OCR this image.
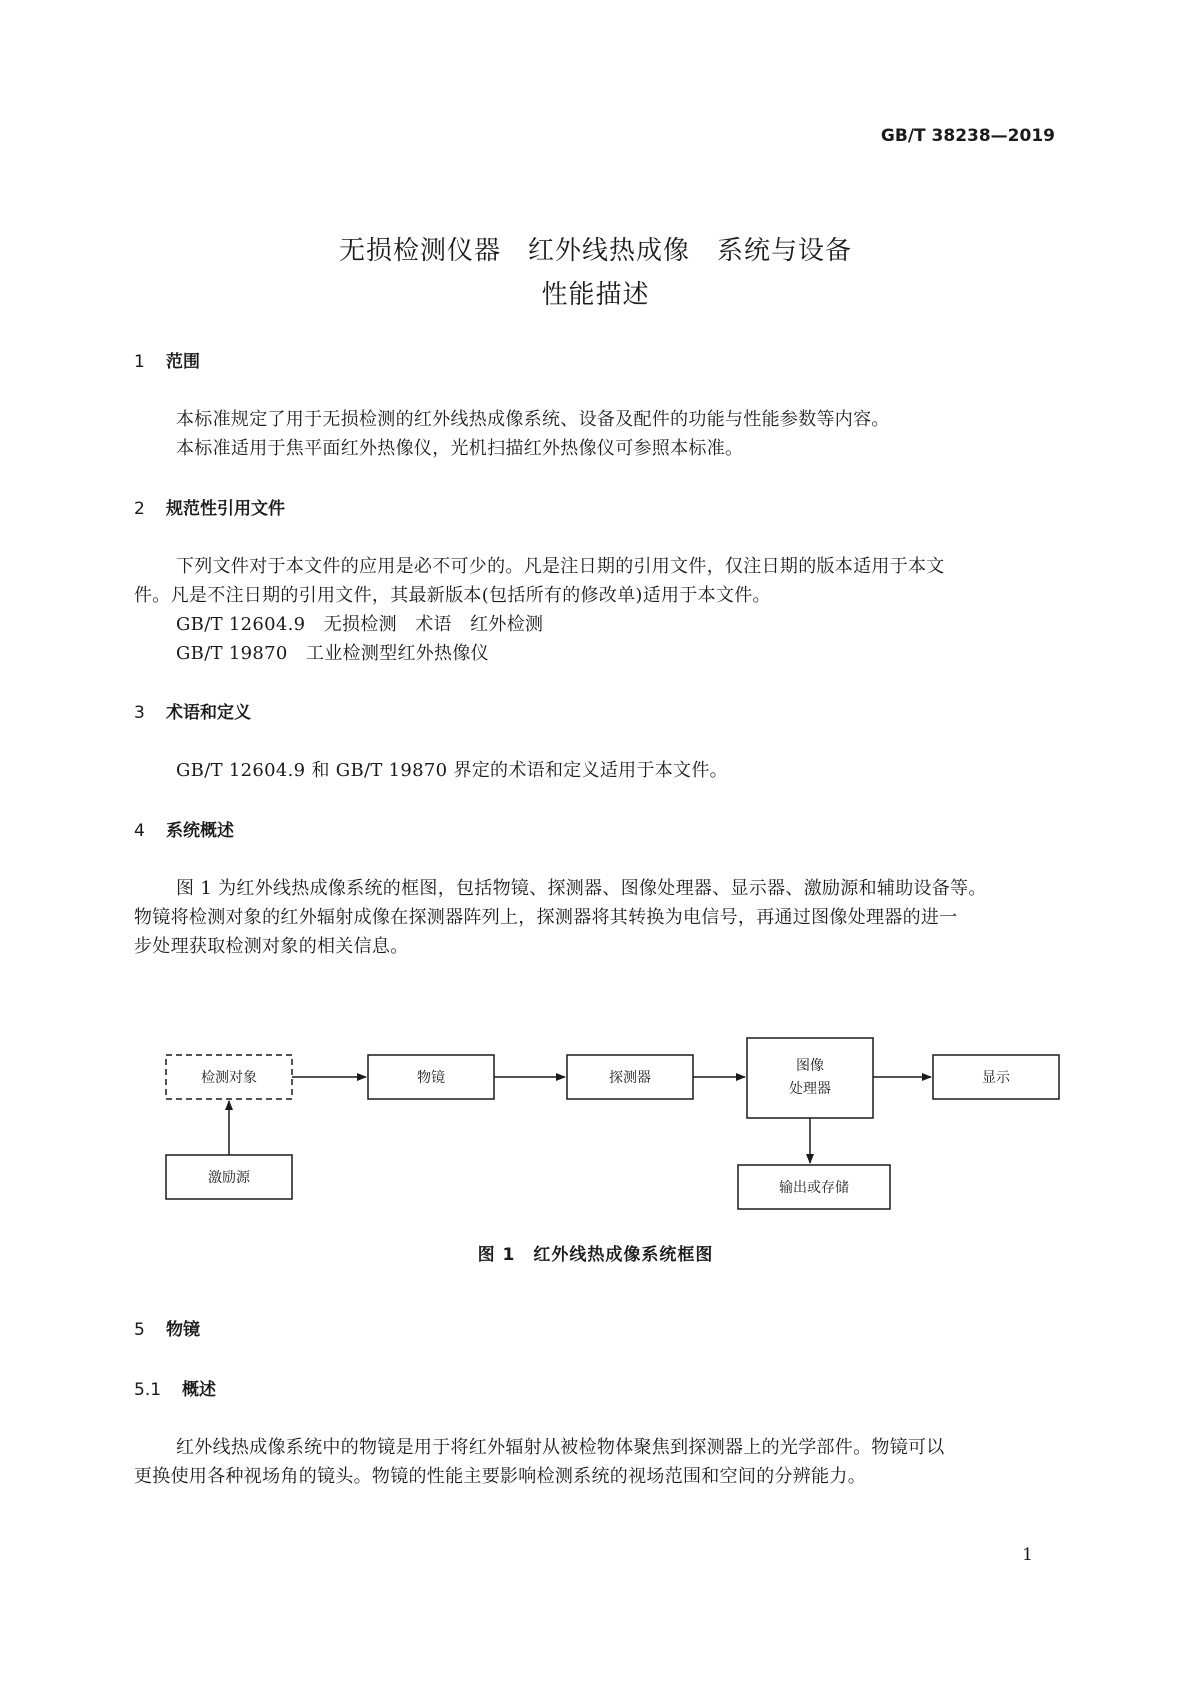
GB/T 38238—2019
无损检测仪器　红外线热成像　系统与设备
性能描述
1 范围
本标准规定了用于无损检测的红外线热成像系统、设备及配件的功能与性能参数等内容。
本标准适用于焦平面红外热像仪，光机扫描红外热像仪可参照本标准。
2 规范性引用文件
下列文件对于本文件的应用是必不可少的。凡是注日期的引用文件，仅注日期的版本适用于本文
件。凡是不注日期的引用文件，其最新版本(包括所有的修改单)适用于本文件。
GB/T 12604.9　无损检测　术语　红外检测
GB/T 19870　工业检测型红外热像仪
3 术语和定义
GB/T 12604.9 和 GB/T 19870 界定的术语和定义适用于本文件。
4 系统概述
图 1 为红外线热成像系统的框图，包括物镜、探测器、图像处理器、显示器、激励源和辅助设备等。
物镜将检测对象的红外辐射成像在探测器阵列上，探测器将其转换为电信号，再通过图像处理器的进一
步处理获取检测对象的相关信息。
检测对象	物镜	探测器
图像
处理器
显示
激励源
输出或存储
图 1　红外线热成像系统框图
5 物镜
5.1 概述
红外线热成像系统中的物镜是用于将红外辐射从被检物体聚焦到探测器上的光学部件。物镜可以
更换使用各种视场角的镜头。物镜的性能主要影响检测系统的视场范围和空间的分辨能力。
1
